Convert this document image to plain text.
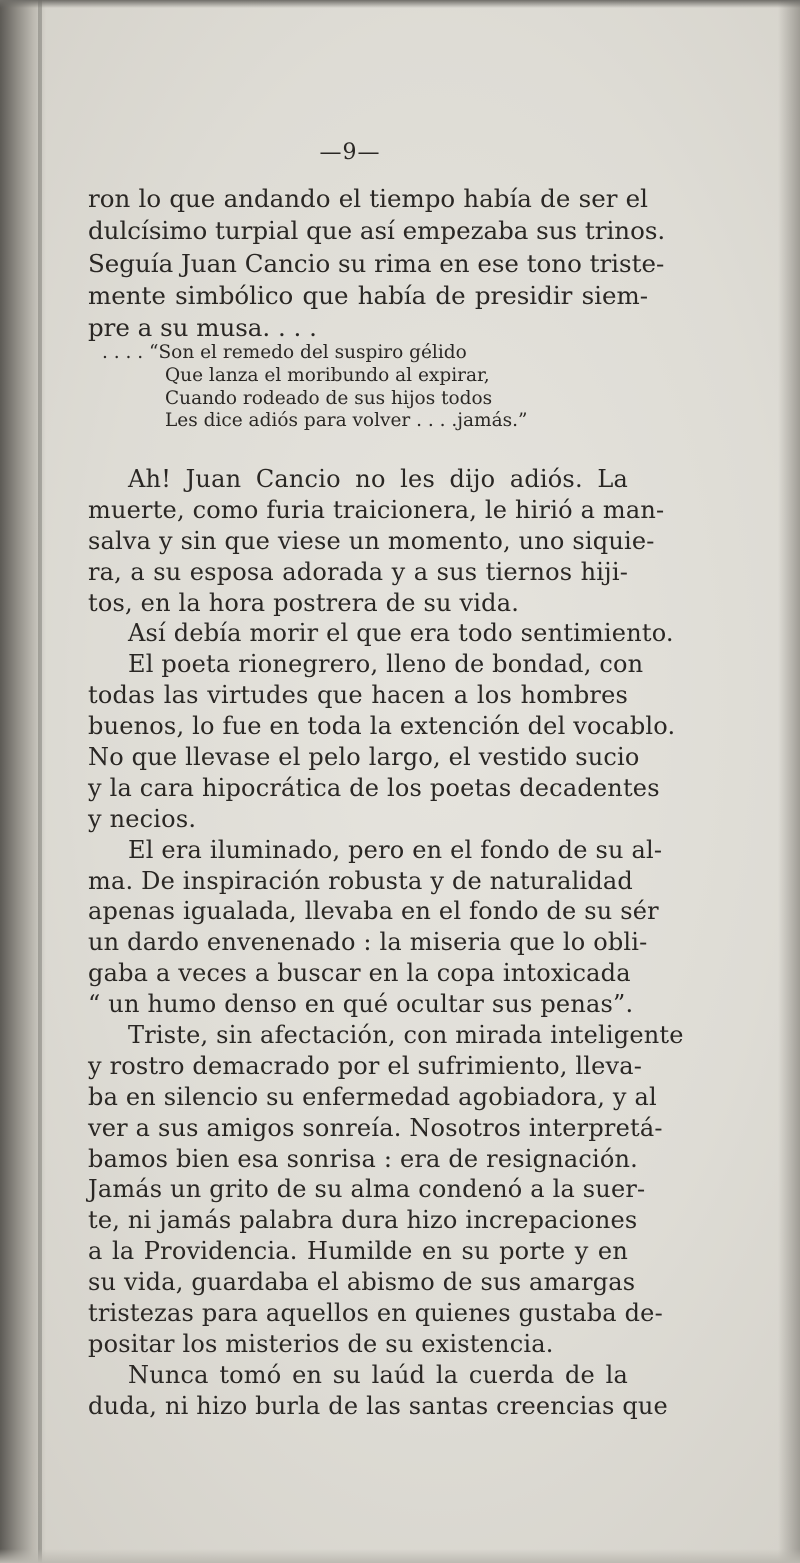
—9—
ron lo que andando el tiempo había de ser el
dulcísimo turpial que así empezaba sus trinos.
Seguía Juan Cancio su rima en ese tono triste-
mente simbólico que había de presidir siem-
pre a su musa. . . .
. . . . “Son el remedo del suspiro gélido
Que lanza el moribundo al expirar,
Cuando rodeado de sus hijos todos
Les dice adiós para volver . . . .jamás.”
Ah! Juan Cancio no les dijo adiós. La
muerte, como furia traicionera, le hirió a man-
salva y sin que viese un momento, uno siquie-
ra, a su esposa adorada y a sus tiernos hiji-
tos, en la hora postrera de su vida.
Así debía morir el que era todo sentimiento.
El poeta rionegrero, lleno de bondad, con
todas las virtudes que hacen a los hombres
buenos, lo fue en toda la extención del vocablo.
No que llevase el pelo largo, el vestido sucio
y la cara hipocrática de los poetas decadentes
y necios.
El era iluminado, pero en el fondo de su al-
ma. De inspiración robusta y de naturalidad
apenas igualada, llevaba en el fondo de su sér
un dardo envenenado : la miseria que lo obli-
gaba a veces a buscar en la copa intoxicada
“ un humo denso en qué ocultar sus penas”.
Triste, sin afectación, con mirada inteligente
y rostro demacrado por el sufrimiento, lleva-
ba en silencio su enfermedad agobiadora, y al
ver a sus amigos sonreía. Nosotros interpretá-
bamos bien esa sonrisa : era de resignación.
Jamás un grito de su alma condenó a la suer-
te, ni jamás palabra dura hizo increpaciones
a la Providencia. Humilde en su porte y en
su vida, guardaba el abismo de sus amargas
tristezas para aquellos en quienes gustaba de-
positar los misterios de su existencia.
Nunca tomó en su laúd la cuerda de la
duda, ni hizo burla de las santas creencias que
